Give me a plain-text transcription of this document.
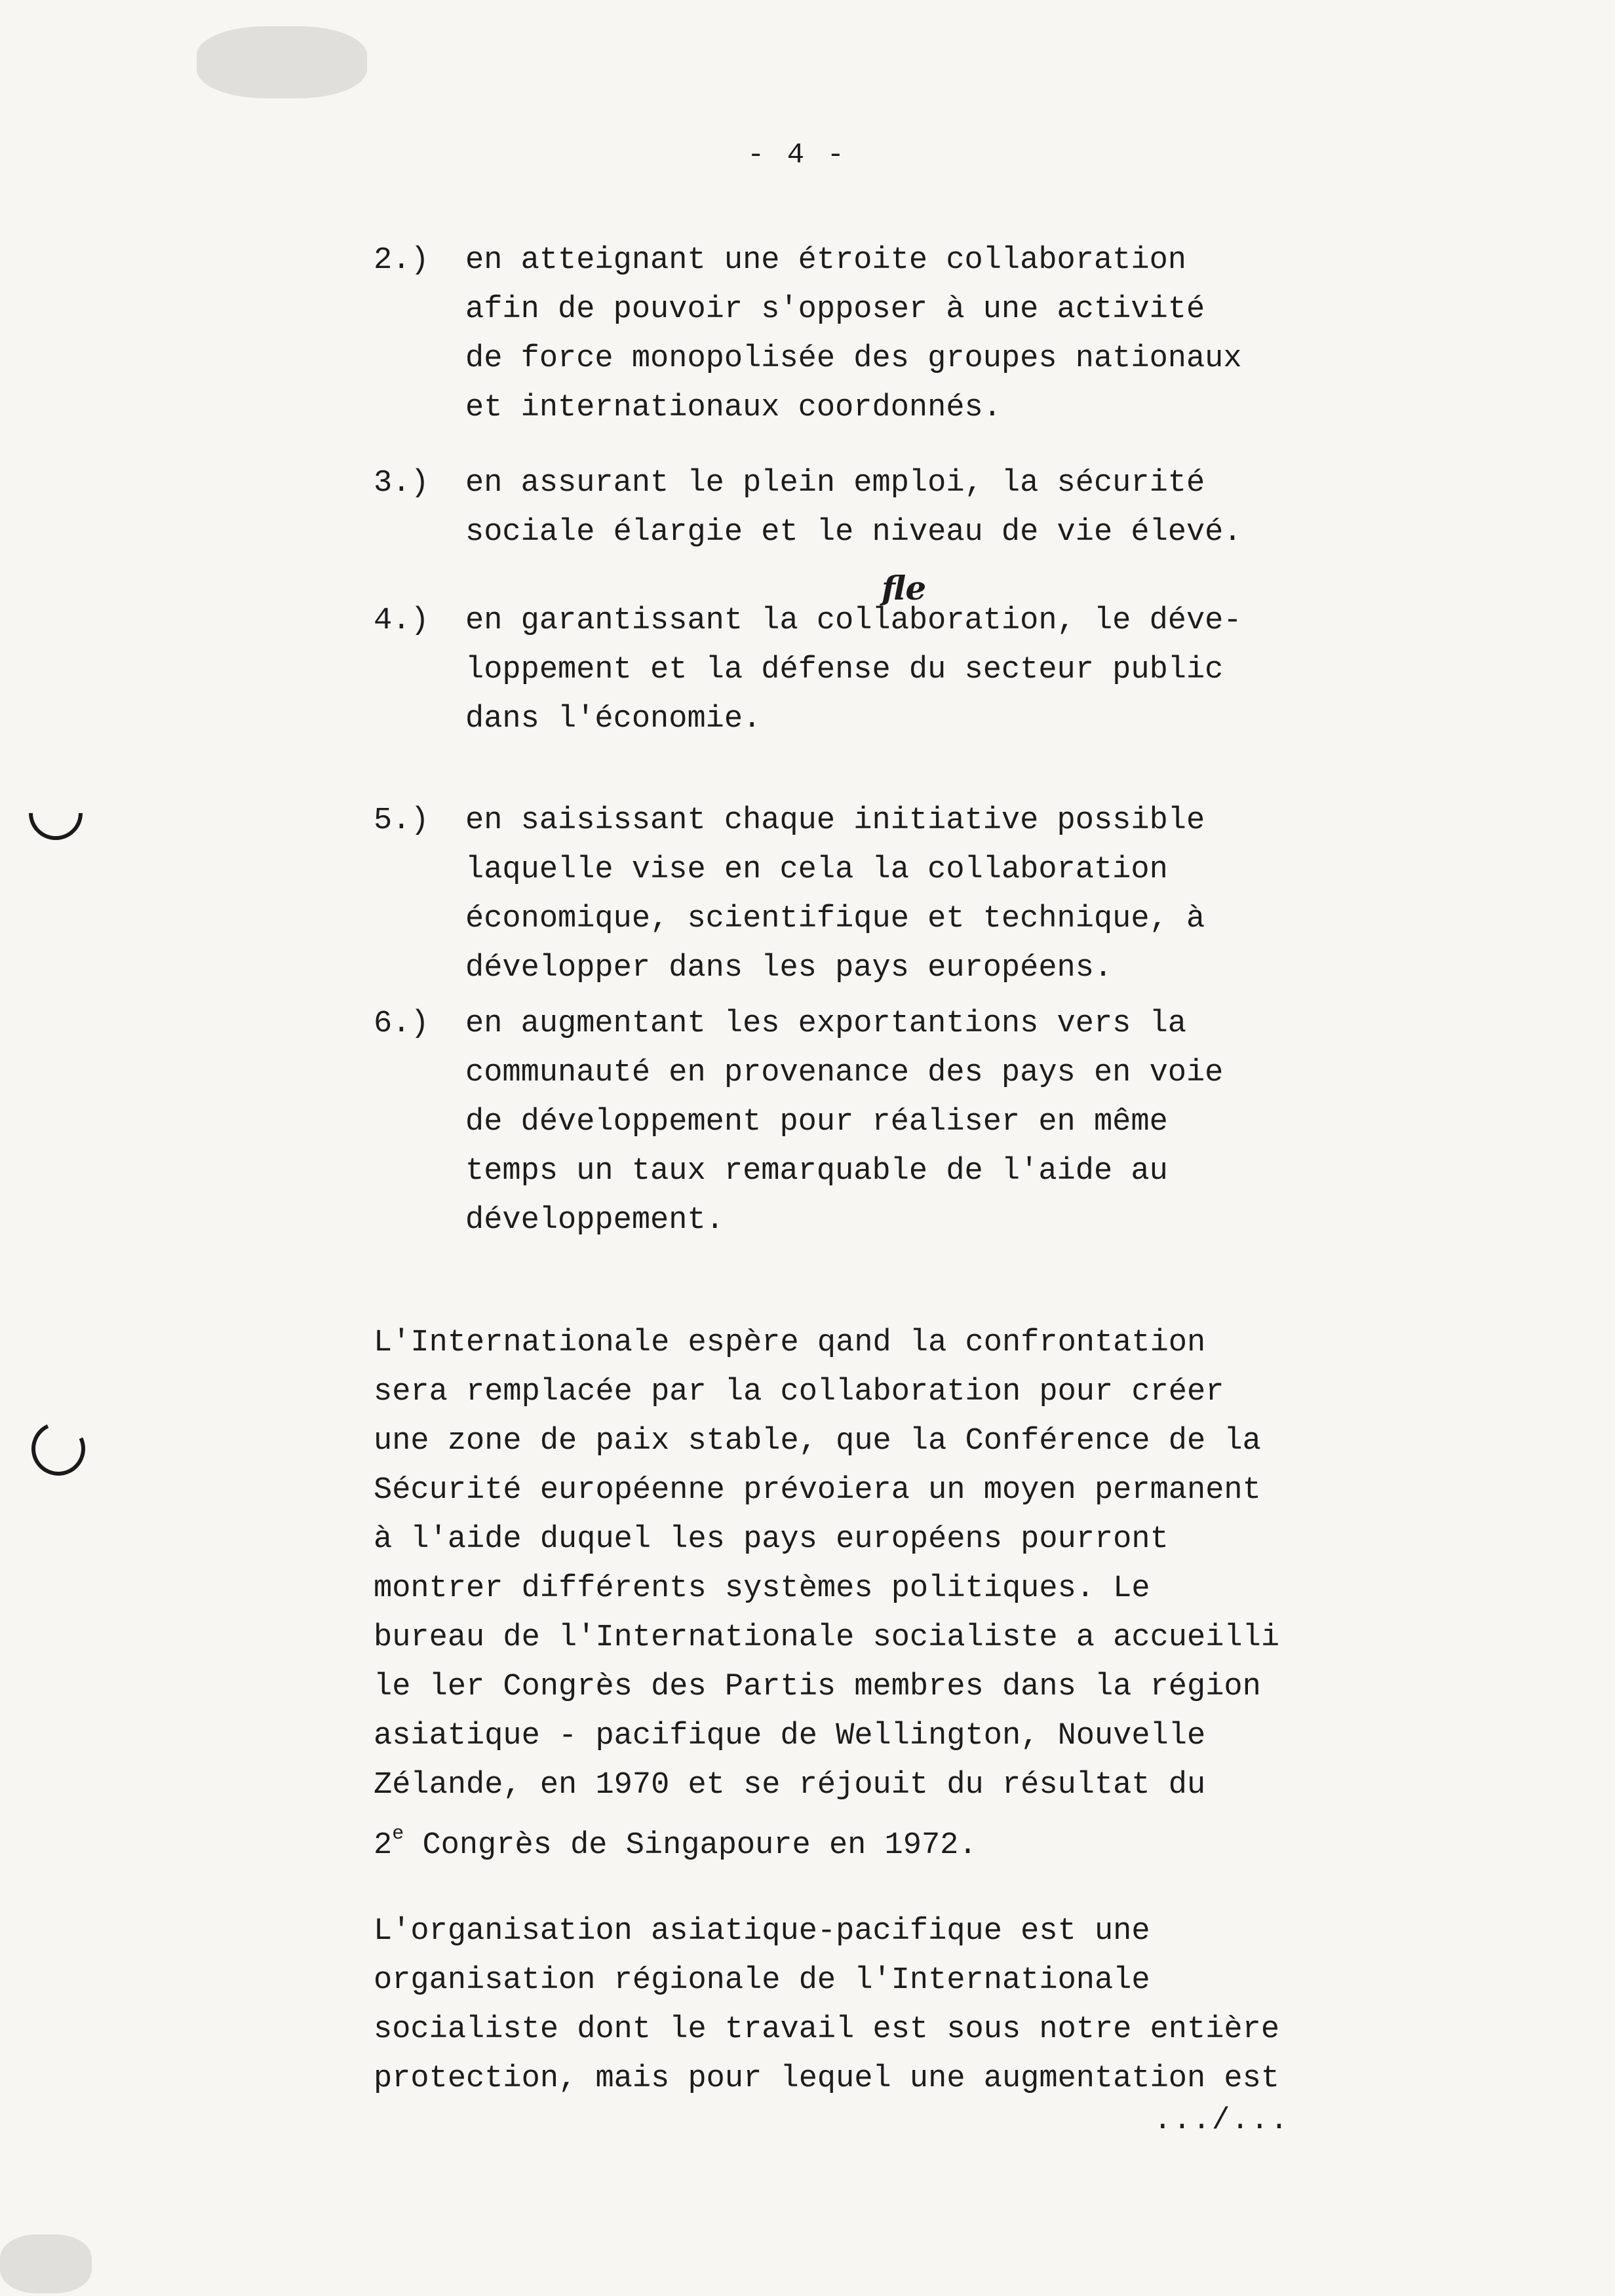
- 4 -
fle
2.)	en atteignant une étroite collaboration
afin de pouvoir s'opposer à une activité
de force monopolisée des groupes nationaux
et internationaux coordonnés.
3.)	en assurant le plein emploi, la sécurité
sociale élargie et le niveau de vie élevé.
4.)	en garantissant la collaboration, le déve-
loppement et la défense du secteur public
dans l'économie.
5.)	en saisissant chaque initiative possible
laquelle vise en cela la collaboration
économique, scientifique et technique, à
développer dans les pays européens.
6.)	en augmentant les exportantions vers la
communauté en provenance des pays en voie
de développement pour réaliser en même
temps un taux remarquable de l'aide au
développement.
L'Internationale espère qand la confrontation
sera remplacée par la collaboration pour créer
une zone de paix stable, que la Conférence de la
Sécurité européenne prévoiera un moyen permanent
à l'aide duquel les pays européens pourront
montrer différents systèmes politiques. Le
bureau de l'Internationale socialiste a accueilli
le ler Congrès des Partis membres dans la région
asiatique - pacifique de Wellington, Nouvelle
Zélande, en 1970 et se réjouit du résultat du
2e Congrès de Singapoure en 1972.
L'organisation asiatique-pacifique est une
organisation régionale de l'Internationale
socialiste dont le travail est sous notre entière
protection, mais pour lequel une augmentation est
.../...
